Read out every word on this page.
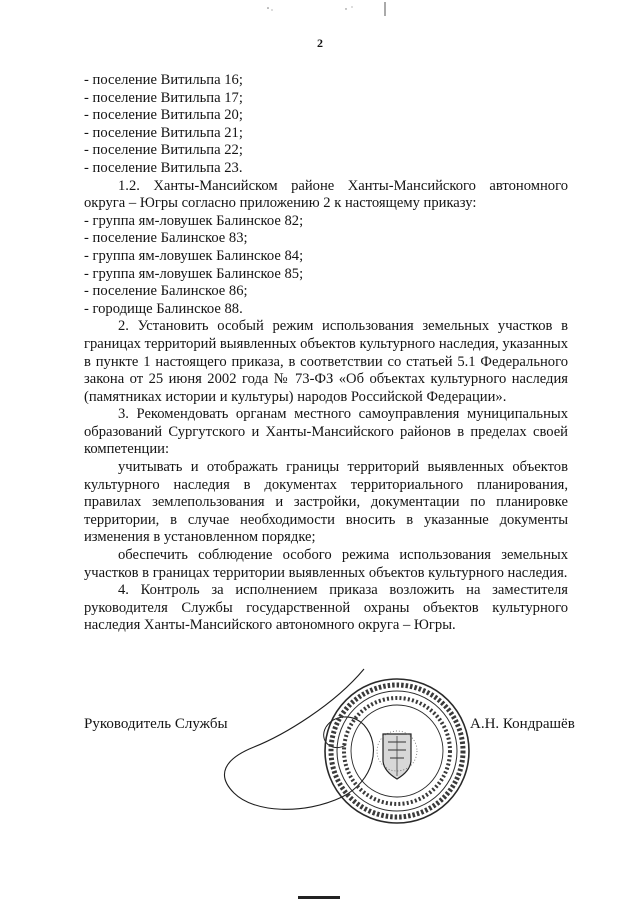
2
- поселение Витильпа 16;
- поселение Витильпа 17;
- поселение Витильпа 20;
- поселение Витильпа 21;
- поселение Витильпа 22;
- поселение Витильпа 23.
1.2. Ханты-Мансийском районе Ханты-Мансийского автономного округа – Югры согласно приложению 2 к настоящему приказу:
- группа ям-ловушек Балинское 82;
- поселение Балинское 83;
- группа ям-ловушек Балинское 84;
- группа ям-ловушек Балинское 85;
- поселение Балинское 86;
- городище Балинское 88.
2. Установить особый режим использования земельных участков в границах территорий выявленных объектов культурного наследия, указанных в пункте 1 настоящего приказа, в соответствии со статьей 5.1 Федерального закона от 25 июня 2002 года № 73-ФЗ «Об объектах культурного наследия (памятниках истории и культуры) народов Российской Федерации».
3. Рекомендовать органам местного самоуправления муниципальных образований Сургутского и Ханты-Мансийского районов в пределах своей компетенции:
учитывать и отображать границы территорий выявленных объектов культурного наследия в документах территориального планирования, правилах землепользования и застройки, документации по планировке территории, в случае необходимости вносить в указанные документы изменения в установленном порядке;
обеспечить соблюдение особого режима использования земельных участков в границах территории выявленных объектов культурного наследия.
4. Контроль за исполнением приказа возложить на заместителя руководителя Службы государственной охраны объектов культурного наследия Ханты-Мансийского автономного округа – Югры.
Руководитель Службы	А.Н. Кондрашёв
